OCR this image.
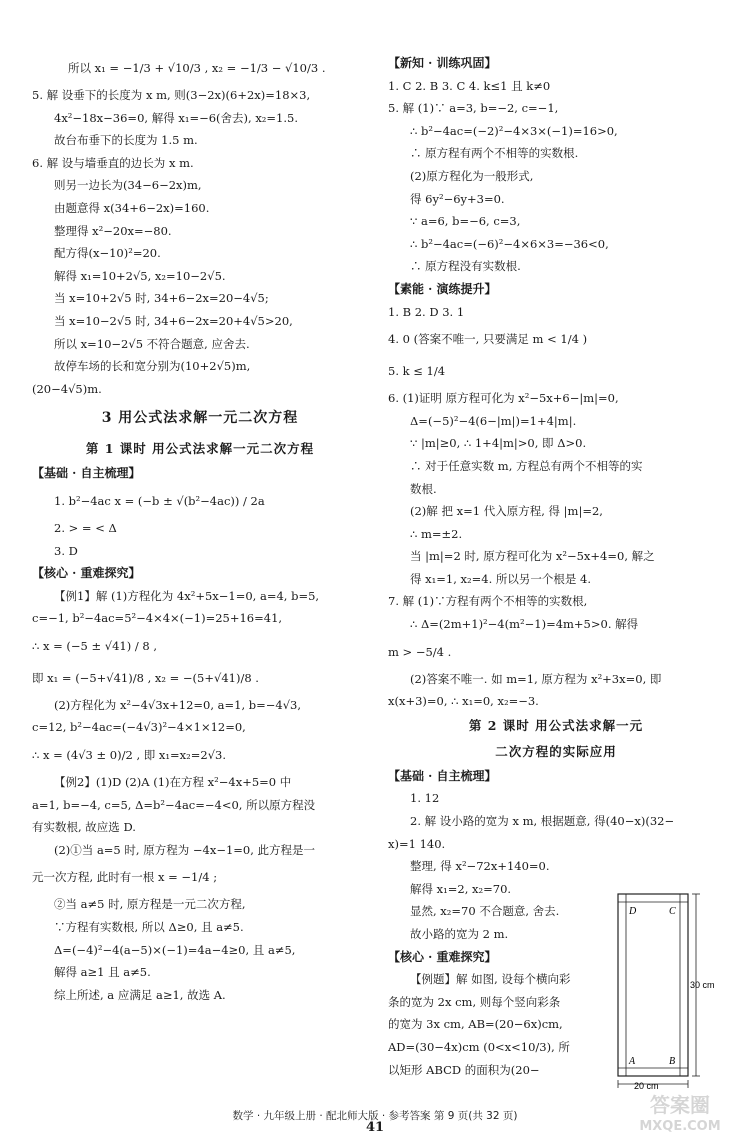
所以 x₁ = −1/3 + √10/3 , x₂ = −1/3 − √10/3 .
5. 解 设垂下的长度为 x m, 则(3−2x)(6+2x)=18×3,
4x²−18x−36=0, 解得 x₁=−6(舍去), x₂=1.5.
故台布垂下的长度为 1.5 m.
6. 解 设与墙垂直的边长为 x m.
则另一边长为(34−6−2x)m,
由题意得 x(34+6−2x)=160.
整理得 x²−20x=−80.
配方得(x−10)²=20.
解得 x₁=10+2√5, x₂=10−2√5.
当 x=10+2√5 时, 34+6−2x=20−4√5;
当 x=10−2√5 时, 34+6−2x=20+4√5>20,
所以 x=10−2√5 不符合题意, 应舍去.
故停车场的长和宽分别为(10+2√5)m,
(20−4√5)m.
3 用公式法求解一元二次方程
第 1 课时 用公式法求解一元二次方程
【基础 · 自主梳理】
1. b²−4ac x = (−b ± √(b²−4ac)) / 2a
2. > = < Δ
3. D
【核心 · 重难探究】
【例1】解 (1)方程化为 4x²+5x−1=0, a=4, b=5,
c=−1, b²−4ac=5²−4×4×(−1)=25+16=41,
∴ x = (−5 ± √41) / 8 ,
即 x₁ = (−5+√41)/8 , x₂ = −(5+√41)/8 .
(2)方程化为 x²−4√3x+12=0, a=1, b=−4√3,
c=12, b²−4ac=(−4√3)²−4×1×12=0,
∴ x = (4√3 ± 0)/2 , 即 x₁=x₂=2√3.
【例2】(1)D (2)A (1)在方程 x²−4x+5=0 中
a=1, b=−4, c=5, Δ=b²−4ac=−4<0, 所以原方程没
有实数根, 故应选 D.
(2)①当 a=5 时, 原方程为 −4x−1=0, 此方程是一
元一次方程, 此时有一根 x = −1/4 ;
②当 a≠5 时, 原方程是一元二次方程,
∵方程有实数根, 所以 Δ≥0, 且 a≠5.
Δ=(−4)²−4(a−5)×(−1)=4a−4≥0, 且 a≠5,
解得 a≥1 且 a≠5.
综上所述, a 应满足 a≥1, 故选 A.
【新知 · 训练巩固】
1. C 2. B 3. C 4. k≤1 且 k≠0
5. 解 (1)∵ a=3, b=−2, c=−1,
∴ b²−4ac=(−2)²−4×3×(−1)=16>0,
∴ 原方程有两个不相等的实数根.
(2)原方程化为一般形式,
得 6y²−6y+3=0.
∵ a=6, b=−6, c=3,
∴ b²−4ac=(−6)²−4×6×3=−36<0,
∴ 原方程没有实数根.
【素能 · 演练提升】
1. B 2. D 3. 1
4. 0 (答案不唯一, 只要满足 m < 1/4 )
5. k ≤ 1/4
6. (1)证明 原方程可化为 x²−5x+6−|m|=0,
Δ=(−5)²−4(6−|m|)=1+4|m|.
∵ |m|≥0, ∴ 1+4|m|>0, 即 Δ>0.
∴ 对于任意实数 m, 方程总有两个不相等的实
数根.
(2)解 把 x=1 代入原方程, 得 |m|=2,
∴ m=±2.
当 |m|=2 时, 原方程可化为 x²−5x+4=0, 解之
得 x₁=1, x₂=4. 所以另一个根是 4.
7. 解 (1)∵方程有两个不相等的实数根,
∴ Δ=(2m+1)²−4(m²−1)=4m+5>0. 解得
m > −5/4 .
(2)答案不唯一. 如 m=1, 原方程为 x²+3x=0, 即
x(x+3)=0, ∴ x₁=0, x₂=−3.
第 2 课时 用公式法求解一元
二次方程的实际应用
【基础 · 自主梳理】
1. 12
2. 解 设小路的宽为 x m, 根据题意, 得(40−x)(32−
x)=1 140.
整理, 得 x²−72x+140=0.
解得 x₁=2, x₂=70.
显然, x₂=70 不合题意, 舍去.
故小路的宽为 2 m.
【核心 · 重难探究】
【例题】解 如图, 设每个横向彩
条的宽为 2x cm, 则每个竖向彩条
的宽为 3x cm, AB=(20−6x)cm,
AD=(30−4x)cm (0<x<10/3), 所
以矩形 ABCD 的面积为(20−
D	C
A	B
30 cm
20 cm
数学 · 九年级上册 · 配北师大版 · 参考答案 第 9 页(共 32 页)
41
答案圈
MXQE.COM
